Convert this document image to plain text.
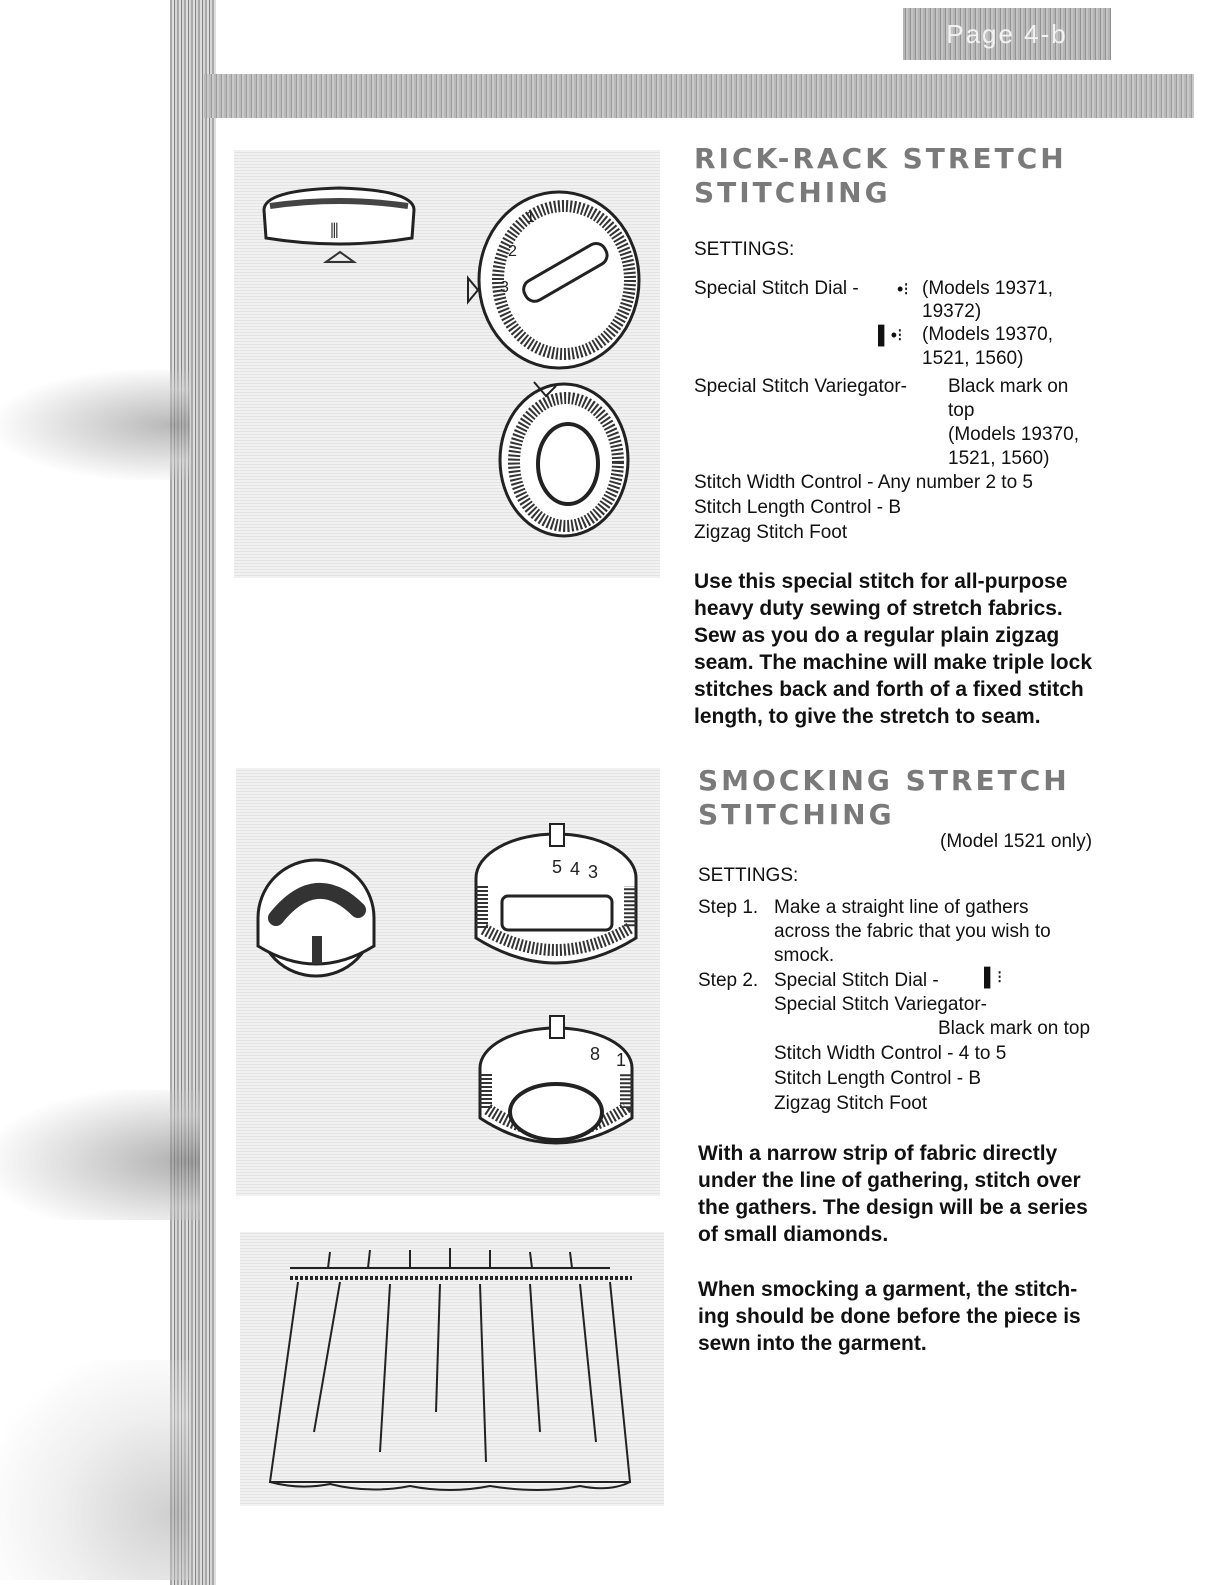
Page 4-b
⦀
1
2
3
5 4 3
8 1
RICK-RACK STRETCH
STITCHING

SETTINGS:

Special Stitch Dial - •⁝ (Models 19371,

19372)

▌•⁝ (Models 19370,

1521, 1560)

Special Stitch Variegator- Black mark on

top

(Models 19370,

1521, 1560)

Stitch Width Control - Any number 2 to 5

Stitch Length Control - B

Zigzag Stitch Foot

Use this special stitch for all-purpose

heavy duty sewing of stretch fabrics.

Sew as you do a regular plain zigzag

seam. The machine will make triple lock

stitches back and forth of a fixed stitch

length, to give the stretch to seam.

SMOCKING STRETCH
STITCHING

(Model 1521 only)

SETTINGS:

Step 1. Make a straight line of gathers

across the fabric that you wish to

smock.

Step 2. Special Stitch Dial -	▌⁝

Special Stitch Variegator-

Black mark on top

Stitch Width Control - 4 to 5

Stitch Length Control - B

Zigzag Stitch Foot

With a narrow strip of fabric directly

under the line of gathering, stitch over

the gathers. The design will be a series

of small diamonds.

When smocking a garment, the stitch-

ing should be done before the piece is

sewn into the garment.
